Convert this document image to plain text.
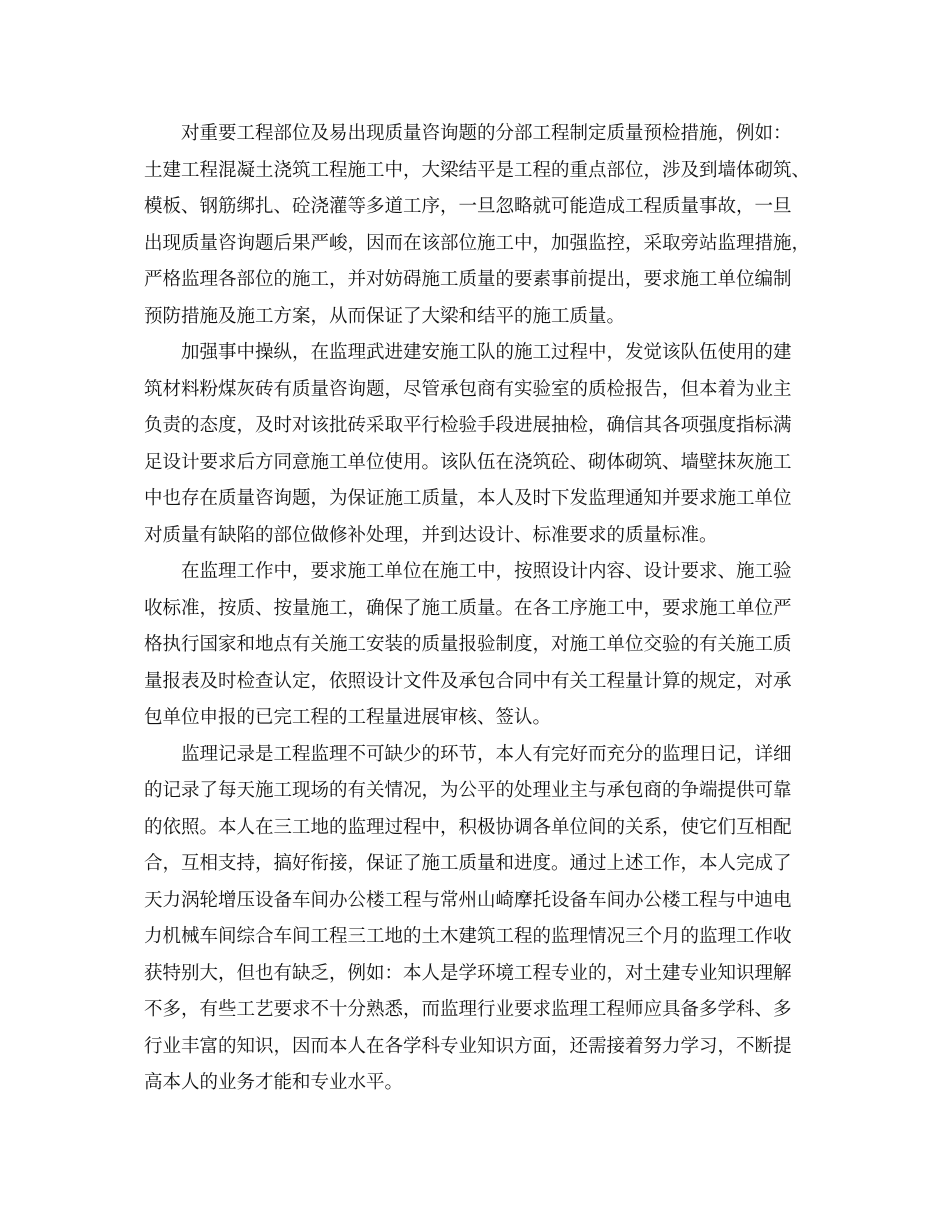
对重要工程部位及易出现质量咨询题的分部工程制定质量预检措施，例如：
土建工程混凝土浇筑工程施工中，大梁结平是工程的重点部位，涉及到墙体砌筑、
模板、钢筋绑扎、砼浇灌等多道工序，一旦忽略就可能造成工程质量事故，一旦
出现质量咨询题后果严峻，因而在该部位施工中，加强监控，采取旁站监理措施，
严格监理各部位的施工，并对妨碍施工质量的要素事前提出，要求施工单位编制
预防措施及施工方案，从而保证了大梁和结平的施工质量。
加强事中操纵，在监理武进建安施工队的施工过程中，发觉该队伍使用的建
筑材料粉煤灰砖有质量咨询题，尽管承包商有实验室的质检报告，但本着为业主
负责的态度，及时对该批砖采取平行检验手段进展抽检，确信其各项强度指标满
足设计要求后方同意施工单位使用。该队伍在浇筑砼、砌体砌筑、墙壁抹灰施工
中也存在质量咨询题，为保证施工质量，本人及时下发监理通知并要求施工单位
对质量有缺陷的部位做修补处理，并到达设计、标准要求的质量标准。
在监理工作中，要求施工单位在施工中，按照设计内容、设计要求、施工验
收标准，按质、按量施工，确保了施工质量。在各工序施工中，要求施工单位严
格执行国家和地点有关施工安装的质量报验制度，对施工单位交验的有关施工质
量报表及时检查认定，依照设计文件及承包合同中有关工程量计算的规定，对承
包单位申报的已完工程的工程量进展审核、签认。
监理记录是工程监理不可缺少的环节，本人有完好而充分的监理日记，详细
的记录了每天施工现场的有关情况，为公平的处理业主与承包商的争端提供可靠
的依照。本人在三工地的监理过程中，积极协调各单位间的关系，使它们互相配
合，互相支持，搞好衔接，保证了施工质量和进度。通过上述工作，本人完成了
天力涡轮增压设备车间办公楼工程与常州山崎摩托设备车间办公楼工程与中迪电
力机械车间综合车间工程三工地的土木建筑工程的监理情况三个月的监理工作收
获特别大，但也有缺乏，例如：本人是学环境工程专业的，对土建专业知识理解
不多，有些工艺要求不十分熟悉，而监理行业要求监理工程师应具备多学科、多
行业丰富的知识，因而本人在各学科专业知识方面，还需接着努力学习，不断提
高本人的业务才能和专业水平。
